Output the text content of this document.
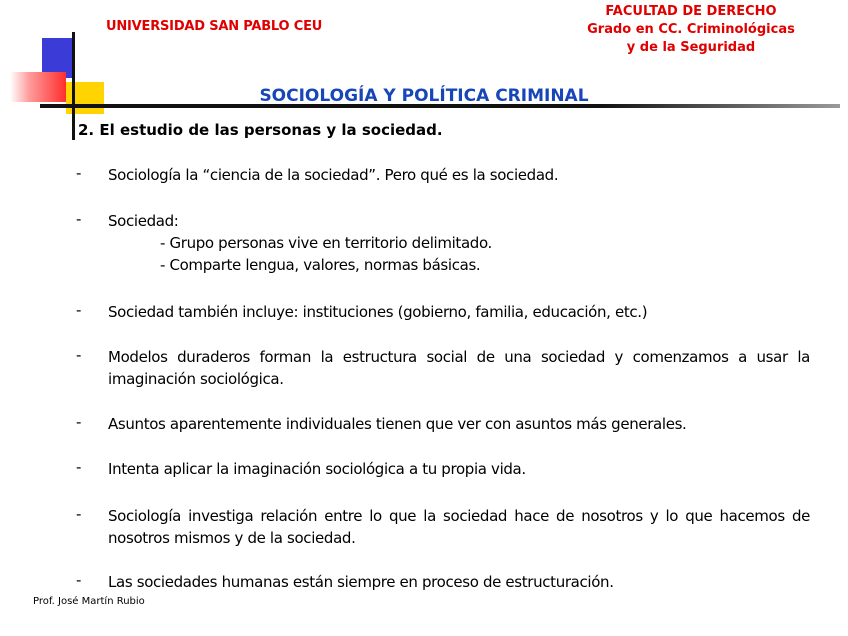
UNIVERSIDAD SAN PABLO CEU
FACULTAD DE DERECHO
Grado en CC. Criminológicas
y de la Seguridad
SOCIOLOGÍA Y POLÍTICA CRIMINAL
2. El estudio de las personas y la sociedad.
- Sociología la “ciencia de la sociedad”. Pero qué es la sociedad.
- Sociedad:
- Grupo personas vive en territorio delimitado.
- Comparte lengua, valores, normas básicas.
- Sociedad también incluye: instituciones (gobierno, familia, educación, etc.)
- Modelos duraderos forman la estructura social de una sociedad y comenzamos a usar la imaginación sociológica.
- Asuntos aparentemente individuales tienen que ver con asuntos más generales.
- Intenta aplicar la imaginación sociológica a tu propia vida.
- Sociología investiga relación entre lo que la sociedad hace de nosotros y lo que hacemos de nosotros mismos y de la sociedad.
- Las sociedades humanas están siempre en proceso de estructuración.
Prof. José Martín Rubio
